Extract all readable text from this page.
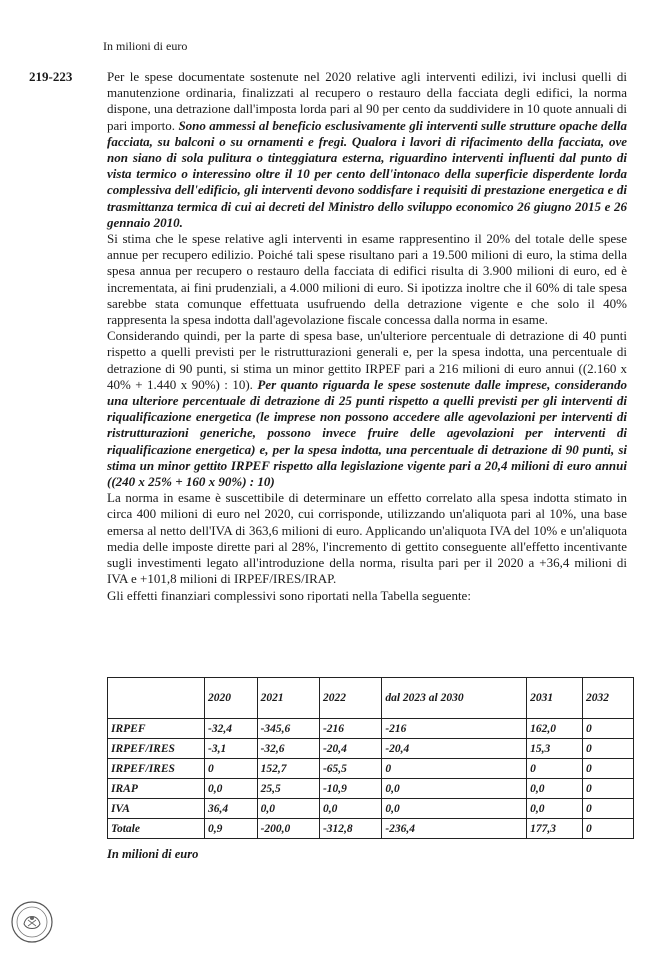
In milioni di euro
219-223	Per le spese documentate sostenute nel 2020 relative agli interventi edilizi, ivi inclusi quelli di manutenzione ordinaria, finalizzati al recupero o restauro della facciata degli edifici, la norma dispone, una detrazione dall'imposta lorda pari al 90 per cento da suddividere in 10 quote annuali di pari importo. Sono ammessi al beneficio esclusivamente gli interventi sulle strutture opache della facciata, su balconi o su ornamenti e fregi. Qualora i lavori di rifacimento della facciata, ove non siano di sola pulitura o tinteggiatura esterna, riguardino interventi influenti dal punto di vista termico o interessino oltre il 10 per cento dell'intonaco della superficie disperdente lorda complessiva dell'edificio, gli interventi devono soddisfare i requisiti di prestazione energetica e di trasmittanza termica di cui ai decreti del Ministro dello sviluppo economico 26 giugno 2015 e 26 gennaio 2010.

Si stima che le spese relative agli interventi in esame rappresentino il 20% del totale delle spese annue per recupero edilizio. Poiché tali spese risultano pari a 19.500 milioni di euro, la stima della spesa annua per recupero o restauro della facciata di edifici risulta di 3.900 milioni di euro, ed è incrementata, ai fini prudenziali, a 4.000 milioni di euro. Si ipotizza inoltre che il 60% di tale spesa sarebbe stata comunque effettuata usufruendo della detrazione vigente e che solo il 40% rappresenta la spesa indotta dall'agevolazione fiscale concessa dalla norma in esame.

Considerando quindi, per la parte di spesa base, un'ulteriore percentuale di detrazione di 40 punti rispetto a quelli previsti per le ristrutturazioni generali e, per la spesa indotta, una percentuale di detrazione di 90 punti, si stima un minor gettito IRPEF pari a 216 milioni di euro annui ((2.160 x 40% + 1.440 x 90%) : 10). Per quanto riguarda le spese sostenute dalle imprese, considerando una ulteriore percentuale di detrazione di 25 punti rispetto a quelli previsti per gli interventi di riqualificazione energetica (le imprese non possono accedere alle agevolazioni per interventi di ristrutturazioni generiche, possono invece fruire delle agevolazioni per interventi di riqualificazione energetica) e, per la spesa indotta, una percentuale di detrazione di 90 punti, si stima un minor gettito IRPEF rispetto alla legislazione vigente pari a 20,4 milioni di euro annui ((240 x 25% + 160 x 90%) : 10)

La norma in esame è suscettibile di determinare un effetto correlato alla spesa indotta stimato in circa 400 milioni di euro nel 2020, cui corrisponde, utilizzando un'aliquota pari al 10%, una base emersa al netto dell'IVA di 363,6 milioni di euro. Applicando un'aliquota IVA del 10% e un'aliquota media delle imposte dirette pari al 28%, l'incremento di gettito conseguente all'effetto incentivante sugli investimenti legato all'introduzione della norma, risulta pari per il 2020 a +36,4 milioni di IVA e +101,8 milioni di IRPEF/IRES/IRAP.

Gli effetti finanziari complessivi sono riportati nella Tabella seguente:

	2020	2021	2022	dal 2023 al 2030	2031	2032
IRPEF	-32,4	-345,6	-216	-216	162,0	0
IRPEF/IRES	-3,1	-32,6	-20,4	-20,4	15,3	0
IRPEF/IRES	0	152,7	-65,5	0	0	0
IRAP	0,0	25,5	-10,9	0,0	0,0	0
IVA	36,4	0,0	0,0	0,0	0,0	0
Totale	0,9	-200,0	-312,8	-236,4	177,3	0
In milioni di euro
